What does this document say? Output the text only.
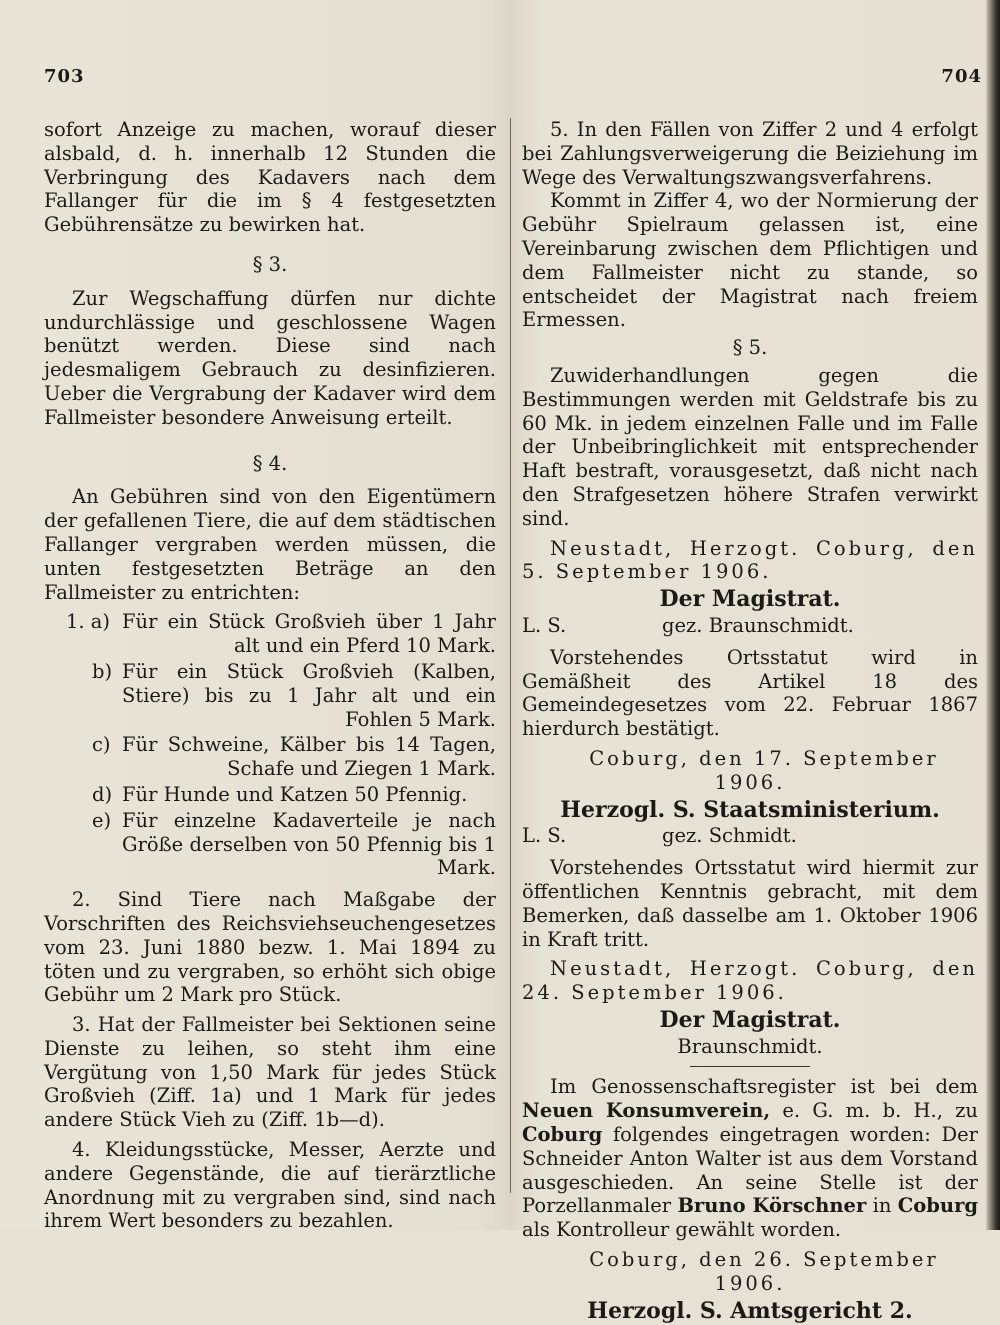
703	704

sofort Anzeige zu machen, worauf dieser alsbald, d. h. innerhalb 12 Stunden die Verbringung des Kadavers nach dem Fallanger für die im § 4 festgesetzten Gebührensätze zu bewirken hat.

§ 3.

Zur Wegschaffung dürfen nur dichte undurchlässige und geschlossene Wagen benützt werden. Diese sind nach jedesmaligem Gebrauch zu desinfizieren. Ueber die Vergrabung der Kadaver wird dem Fallmeister besondere Anweisung erteilt.

§ 4.

An Gebühren sind von den Eigentümern der gefallenen Tiere, die auf dem städtischen Fallanger vergraben werden müssen, die unten festgesetzten Beträge an den Fallmeister zu entrichten:

1. a) Für ein Stück Großvieh über 1 Jahr alt und ein Pferd 10 Mark.
b) Für ein Stück Großvieh (Kalben, Stiere) bis zu 1 Jahr alt und ein Fohlen 5 Mark.
c) Für Schweine, Kälber bis 14 Tagen, Schafe und Ziegen 1 Mark.
d) Für Hunde und Katzen 50 Pfennig.
e) Für einzelne Kadaverteile je nach Größe derselben von 50 Pfennig bis 1 Mark.

2. Sind Tiere nach Maßgabe der Vorschriften des Reichsviehseuchengesetzes vom 23. Juni 1880 bezw. 1. Mai 1894 zu töten und zu vergraben, so erhöht sich obige Gebühr um 2 Mark pro Stück.

3. Hat der Fallmeister bei Sektionen seine Dienste zu leihen, so steht ihm eine Vergütung von 1,50 Mark für jedes Stück Großvieh (Ziff. 1a) und 1 Mark für jedes andere Stück Vieh zu (Ziff. 1b—d).

4. Kleidungsstücke, Messer, Aerzte und andere Gegenstände, die auf tierärztliche Anordnung mit zu vergraben sind, sind nach ihrem Wert besonders zu bezahlen.

5. In den Fällen von Ziffer 2 und 4 erfolgt bei Zahlungsverweigerung die Beiziehung im Wege des Verwaltungszwangsverfahrens.

Kommt in Ziffer 4, wo der Normierung der Gebühr Spielraum gelassen ist, eine Vereinbarung zwischen dem Pflichtigen und dem Fallmeister nicht zu stande, so entscheidet der Magistrat nach freiem Ermessen.

§ 5.

Zuwiderhandlungen gegen die Bestimmungen werden mit Geldstrafe bis zu 60 Mk. in jedem einzelnen Falle und im Falle der Unbeibringlichkeit mit entsprechender Haft bestraft, vorausgesetzt, daß nicht nach den Strafgesetzen höhere Strafen verwirkt sind.

Neustadt, Herzogt. Coburg, den 5. September 1906.

Der Magistrat.
L. S.	gez. Braunschmidt.

Vorstehendes Ortsstatut wird in Gemäßheit des Artikel 18 des Gemeindegesetzes vom 22. Februar 1867 hierdurch bestätigt.

Coburg, den 17. September 1906.

Herzogl. S. Staatsministerium.
L. S.	gez. Schmidt.

Vorstehendes Ortsstatut wird hiermit zur öffentlichen Kenntnis gebracht, mit dem Bemerken, daß dasselbe am 1. Oktober 1906 in Kraft tritt.

Neustadt, Herzogt. Coburg, den 24. September 1906.

Der Magistrat.
Braunschmidt.

Im Genossenschaftsregister ist bei dem Neuen Konsumverein, e. G. m. b. H., zu Coburg folgendes eingetragen worden: Der Schneider Anton Walter ist aus dem Vorstand ausgeschieden. An seine Stelle ist der Porzellanmaler Bruno Körschner in Coburg als Kontrolleur gewählt worden.

Coburg, den 26. September 1906.

Herzogl. S. Amtsgericht 2.
